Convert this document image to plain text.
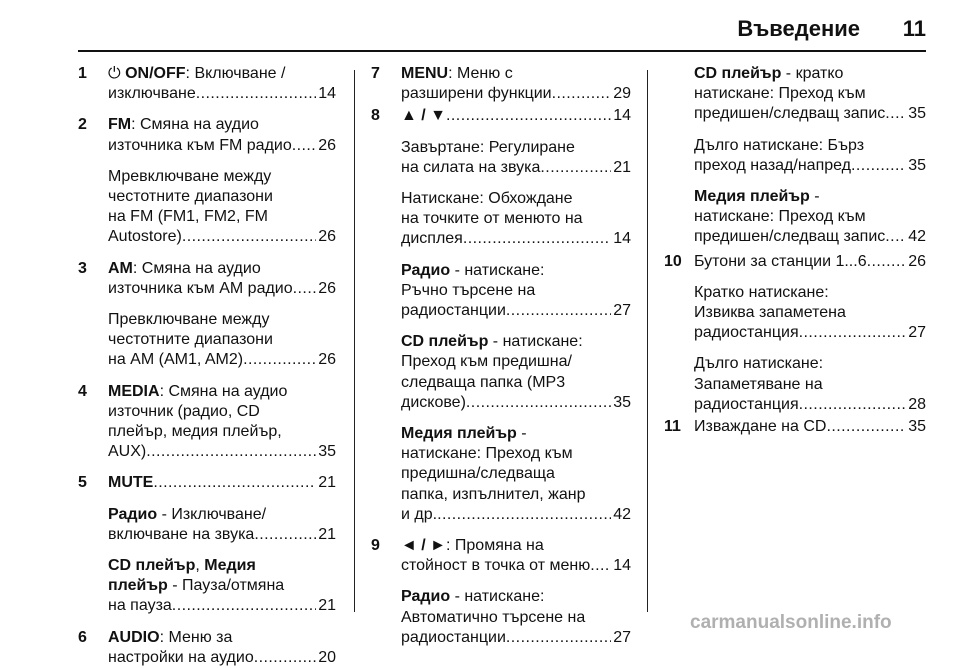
Въведение	11
1 ⏻ ON/OFF: Включване /

изключване . . .	14
2 FM: Смяна на аудио

източника към FM радио . . . 26

Мревключване между

честотните диапазони

на FM (FM1, FM2, FM

Autostore) . . .	26
3 AM: Смяна на аудио

източника към AM радио . . . 26

Превключване между

честотните диапазони

на AM (AM1, AM2) . . .	26
4 MEDIA: Смяна на аудио

източник (радио, CD

плейър, медия плейър,

AUX) . . .	35
5 MUTE . . .	21

Радио - Изключване/

включване на звука . . .	21

CD плейър, Медия

плейър - Пауза/отмяна

на пауза . . .	21
6 AUDIO: Меню за

настройки на аудио . . .	20
7 MENU: Меню с

разширени функции . . .	29
8 ▲ / ▼ . . .	14

Завъртане: Регулиране

на силата на звука . . .	21

Натискане: Обхождане

на точките от менюто на

дисплея . . .	14

Радио - натискане:

Ръчно търсене на

радиостанции . . .	27

CD плейър - натискане:

Преход към предишна/

следваща папка (MP3

дискове) . . .	35

Медия плейър -

натискане: Преход към

предишна/следваща

папка, изпълнител, жанр

и др. . . .	42
9 ◄ / ►: Промяна на

стойност в точка от меню . . . 14

Радио - натискане:

Автоматично търсене на

радиостанции . . .	27

CD плейър - кратко

натискане: Преход към

предишен/следващ запис . . . 35

Дълго натискане: Бърз

преход назад/напред . . .	35

Медия плейър -

натискане: Преход към

предишен/следващ запис . . . 42
10 Бутони за станции 1...6 . . .	26

Кратко натискане:

Извиква запаметена

радиостанция . . .	27

Дълго натискане:

Запаметяване на

радиостанция . . .	28
11 Изваждане на CD . . .	35
carmanualsonline.info
